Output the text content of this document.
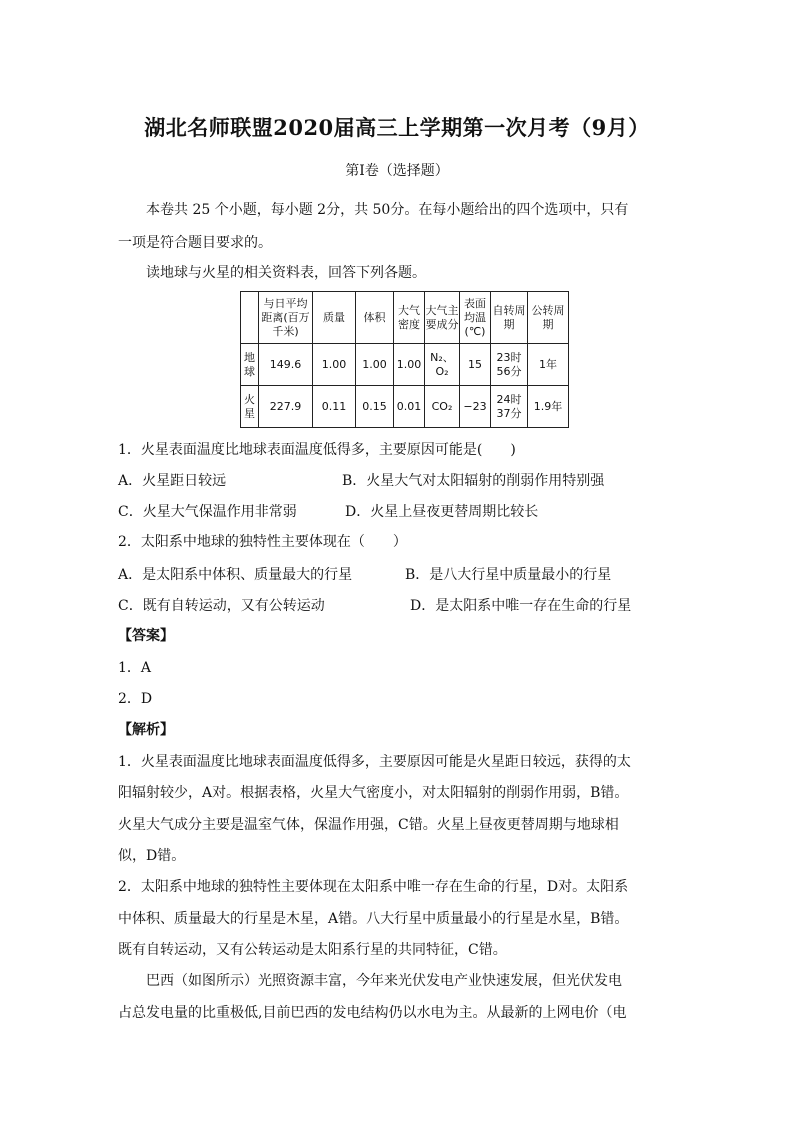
湖北名师联盟2020届高三上学期第一次月考（9月）
第Ⅰ卷（选择题）
本卷共 25 个小题，每小题 2分，共 50分。在每小题给出的四个选项中，只有
一项是符合题目要求的。
读地球与火星的相关资料表，回答下列各题。
	与日平均距离(百万千米)	质量	体积	大气密度	大气主要成分	表面均温(℃)	自转周期	公转周期
地球	149.6	1.00	1.00	1.00	N₂、O₂	15	23时56分	1年
火星	227.9	0.11	0.15	0.01	CO₂	−23	24时37分	1.9年
1．火星表面温度比地球表面温度低得多，主要原因可能是(　　)
A．火星距日较远	B．火星大气对太阳辐射的削弱作用特别强
C．火星大气保温作用非常弱	D．火星上昼夜更替周期比较长
2．太阳系中地球的独特性主要体现在（　　）
A．是太阳系中体积、质量最大的行星	B．是八大行星中质量最小的行星
C．既有自转运动，又有公转运动	D．是太阳系中唯一存在生命的行星
【答案】
1．A
2．D
【解析】
1．火星表面温度比地球表面温度低得多，主要原因可能是火星距日较远，获得的太
阳辐射较少，A对。根据表格，火星大气密度小，对太阳辐射的削弱作用弱，B错。
火星大气成分主要是温室气体，保温作用强，C错。火星上昼夜更替周期与地球相
似，D错。
2．太阳系中地球的独特性主要体现在太阳系中唯一存在生命的行星，D对。太阳系
中体积、质量最大的行星是木星，A错。八大行星中质量最小的行星是水星，B错。
既有自转运动，又有公转运动是太阳系行星的共同特征，C错。
巴西（如图所示）光照资源丰富，今年来光伏发电产业快速发展，但光伏发电
占总发电量的比重极低,目前巴西的发电结构仍以水电为主。从最新的上网电价（电
